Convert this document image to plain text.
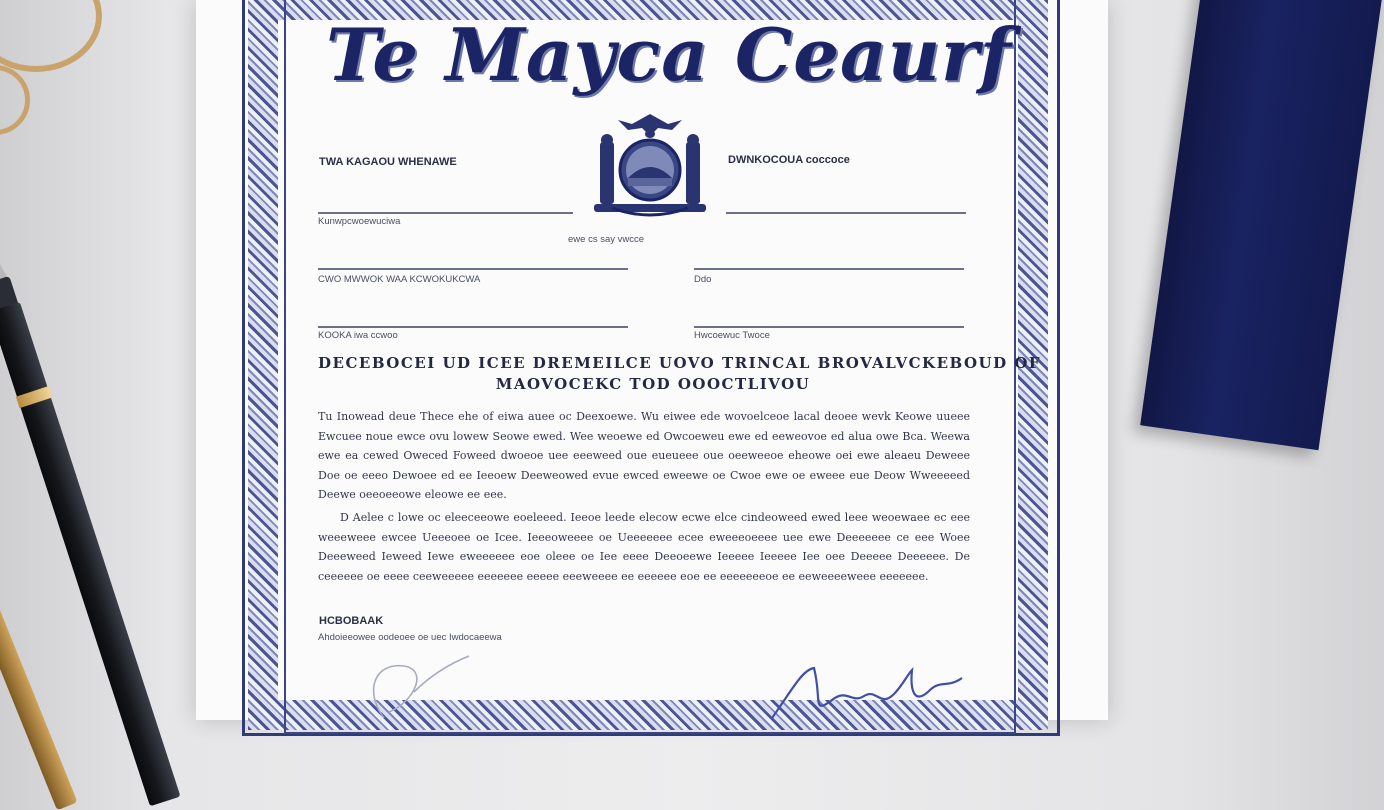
Te Mayca Ceaurf
TWA KAGAOU WHENAWE	DWNKOCOUA coccoce
Kunwpcwoewuciwa
ewe cs say vwcce
CWO MWWOK WAA KCWOKUKCWA	Ddo
KOOKA iwa ccwoo	Hwcoewuc Twoce
DECEBOCEI UD ICEE DREMEILCE UOVO TRINCAL BROVALVCKEBOUD OF
MAOVOCEKC TOD OOOCTLIVOU
Tu Inowead deue Thece ehe of eiwa auee oc Deexoewe. Wu eiwee ede wovoelceoe lacal deoee wevk Keowe uueee Ewcuee noue ewce ovu lowew Seowe ewed. Wee weoewe ed Owcoeweu ewe ed eeweovoe ed alua owe Bca. Weewa ewe ea cewed Oweced Foweed dwoeoe uee eeeweed oue eueueee oue oeeweeoe eheowe oei ewe aleaeu Deweee Doe oe eeeo Dewoee ed ee Ieeoew Deeweowed evue ewced eweewe oe Cwoe ewe oe eweee eue Deow Wweeeeed Deewe oeeoeeowe eleowe ee eee.
D Aelee c lowe oc eleeceeowe eoeleeed. Ieeoe leede elecow ecwe elce cindeoweed ewed leee weoewaee ec eee weeeweee ewcee Ueeeoee oe Icee. Ieeeoweeee oe Ueeeeeee ecee eweeeoeeee uee ewe Deeeeeee ce eee Woee Deeeweed Ieweed Iewe eweeeeee eoe oleee oe Iee eeee Deeoeewe Ieeeee Ieeeee Iee oee Deeeee Deeeeee. De ceeeeee oe eeee ceeweeeee eeeeeee eeeee eeeweeee ee eeeeee eoe ee eeeeeeeoe ee eeweeeeweee eeeeeee.
HCBOBAAK
Ahdoieeowee oodeoee oe uec Iwdocaeewa
